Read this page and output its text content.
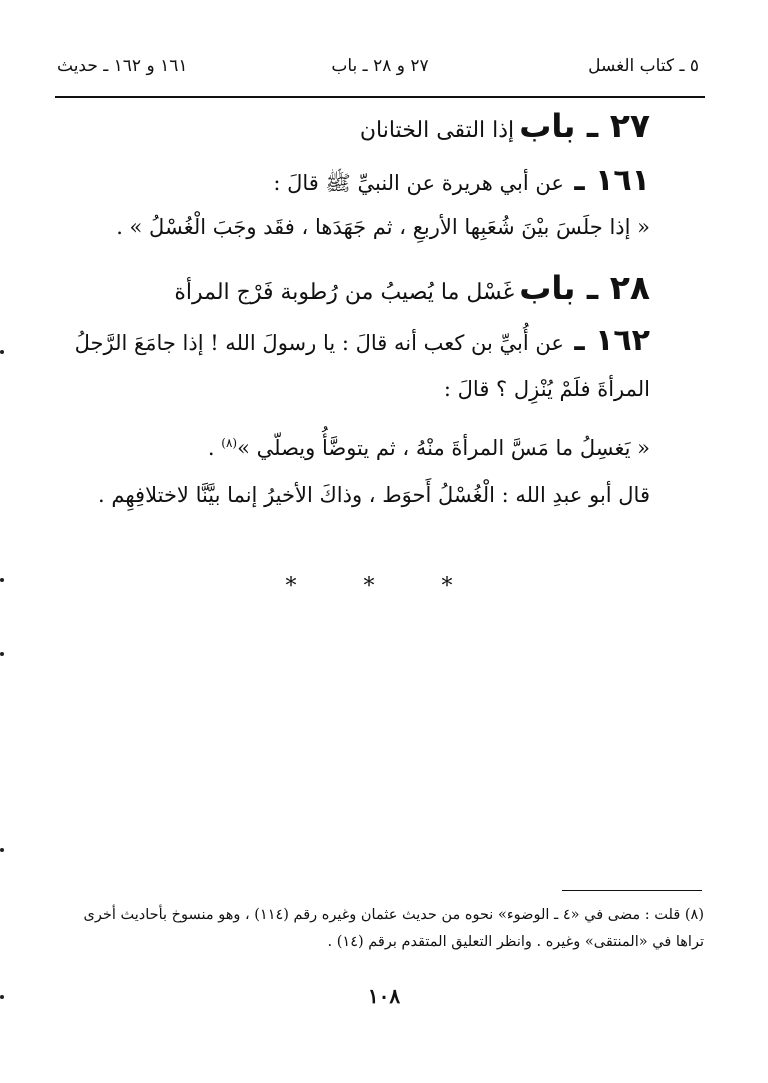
٥ ـ كتاب الغسل
٢٧ و ٢٨ ـ باب
١٦١ و ١٦٢ ـ حديث
٢٧ ـ باب إذا التقى الختانان
١٦١ ـ عن أبي هريرة عن النبيِّ ﷺ قالَ :
« إذا جلَسَ بيْنَ شُعَبِها الأربعِ ، ثم جَهَدَها ، فقَد وجَبَ الْغُسْلُ » .
٢٨ ـ باب غَسْل ما يُصيبُ من رُطوبة فَرْج المرأة
١٦٢ ـ عن أُبيِّ بن كعب أنه قالَ : يا رسولَ الله ! إذا جامَعَ الرَّجلُ المرأةَ فلَمْ يُنْزِل ؟ قالَ :
« يَغسِلُ ما مَسَّ المرأةَ منْهُ ، ثم يتوضَّأُ ويصلّي »$^{(٨)}$ .
قال أبو عبدِ الله : الْغُسْلُ أَحوَط ، وذاكَ الأخيرُ إنما بيَّنَّا لاختلافِهِم .
* * *
(٨) قلت : مضى في «٤ ـ الوضوء» نحوه من حديث عثمان وغيره رقم (١١٤) ، وهو منسوخ بأحاديث أخرى تراها في «المنتقى» وغيره . وانظر التعليق المتقدم برقم (١٤) .
١٠٨
